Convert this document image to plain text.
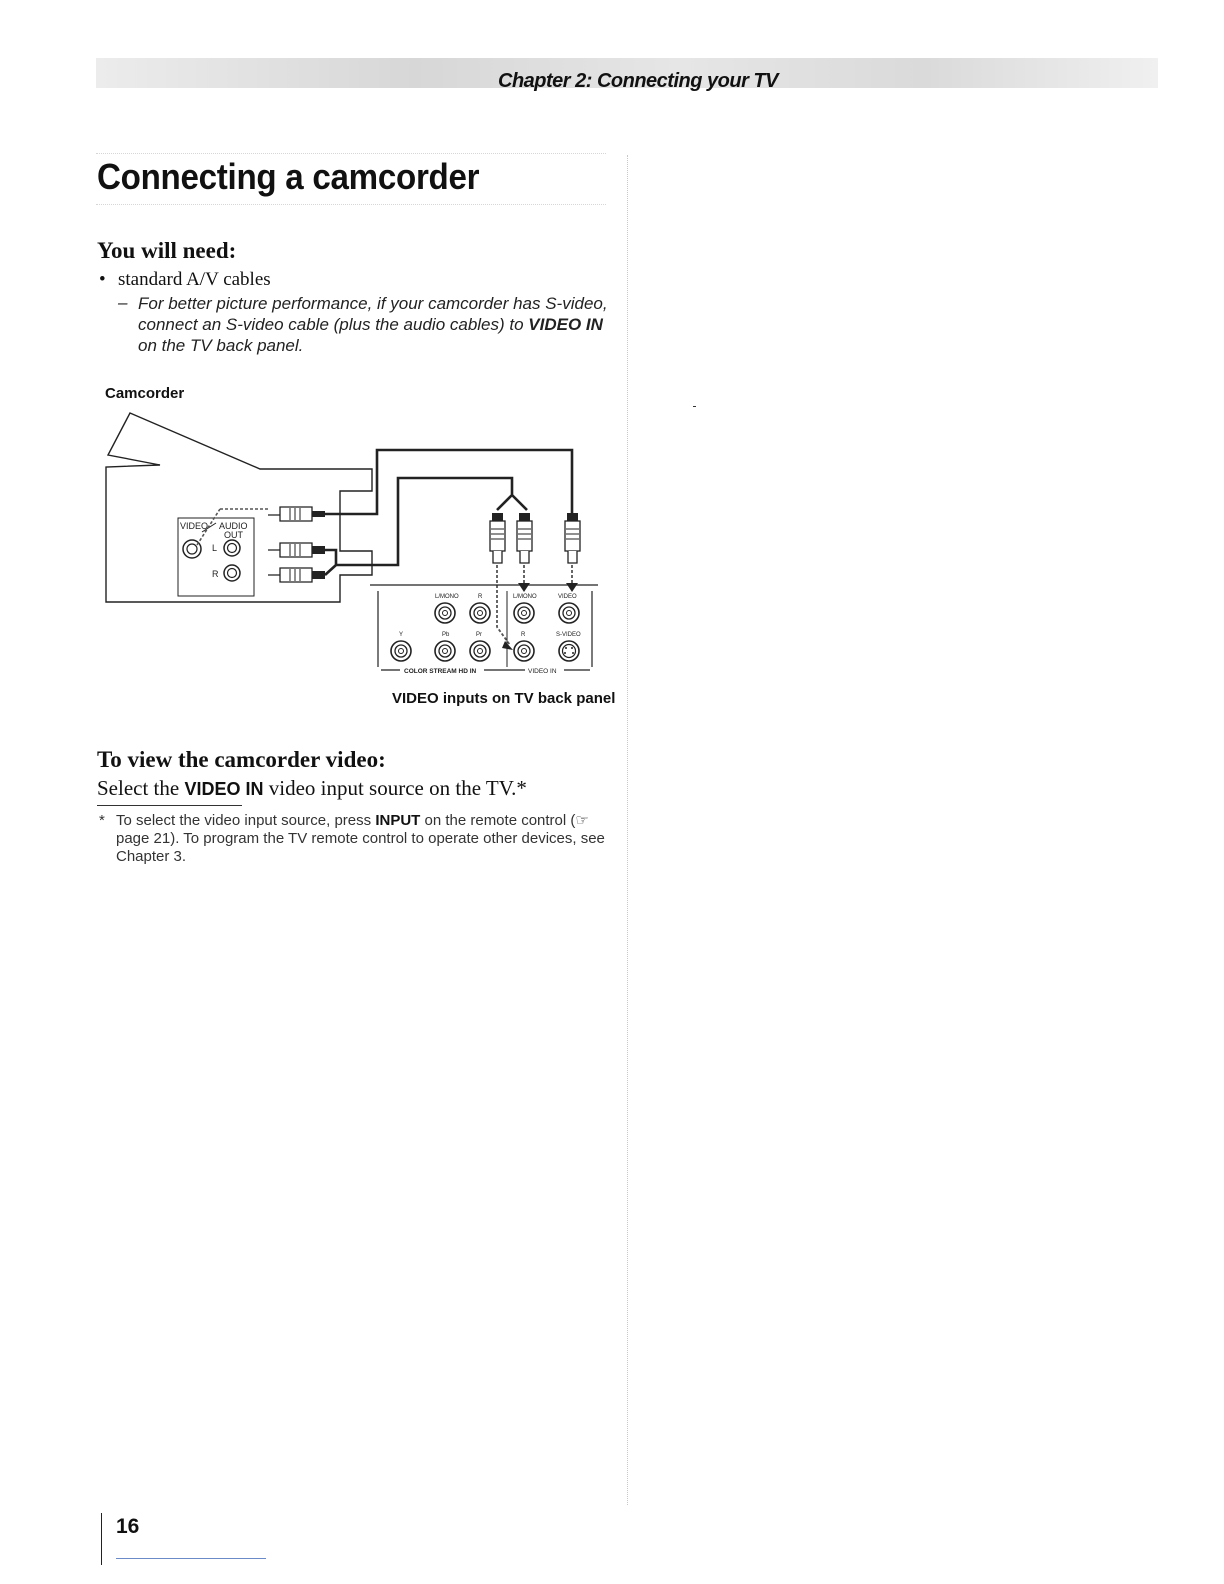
Chapter 2: Connecting your TV
Connecting a camcorder
You will need:
• standard A/V cables
– For better picture performance, if your camcorder has S-video, connect an S-video cable (plus the audio cables) to VIDEO IN on the TV back panel.
Camcorder
VIDEO AUDIO
OUT
L
R
L/MONO	R	L/MONO	VIDEO
Y	Pb	Pr	R	S-VIDEO
COLOR STREAM HD IN	VIDEO IN
VIDEO inputs on TV back panel
To view the camcorder video:
Select the VIDEO IN video input source on the TV.*
* To select the video input source, press INPUT on the remote control (☞ page 21). To program the TV remote control to operate other devices, see Chapter 3.
16
